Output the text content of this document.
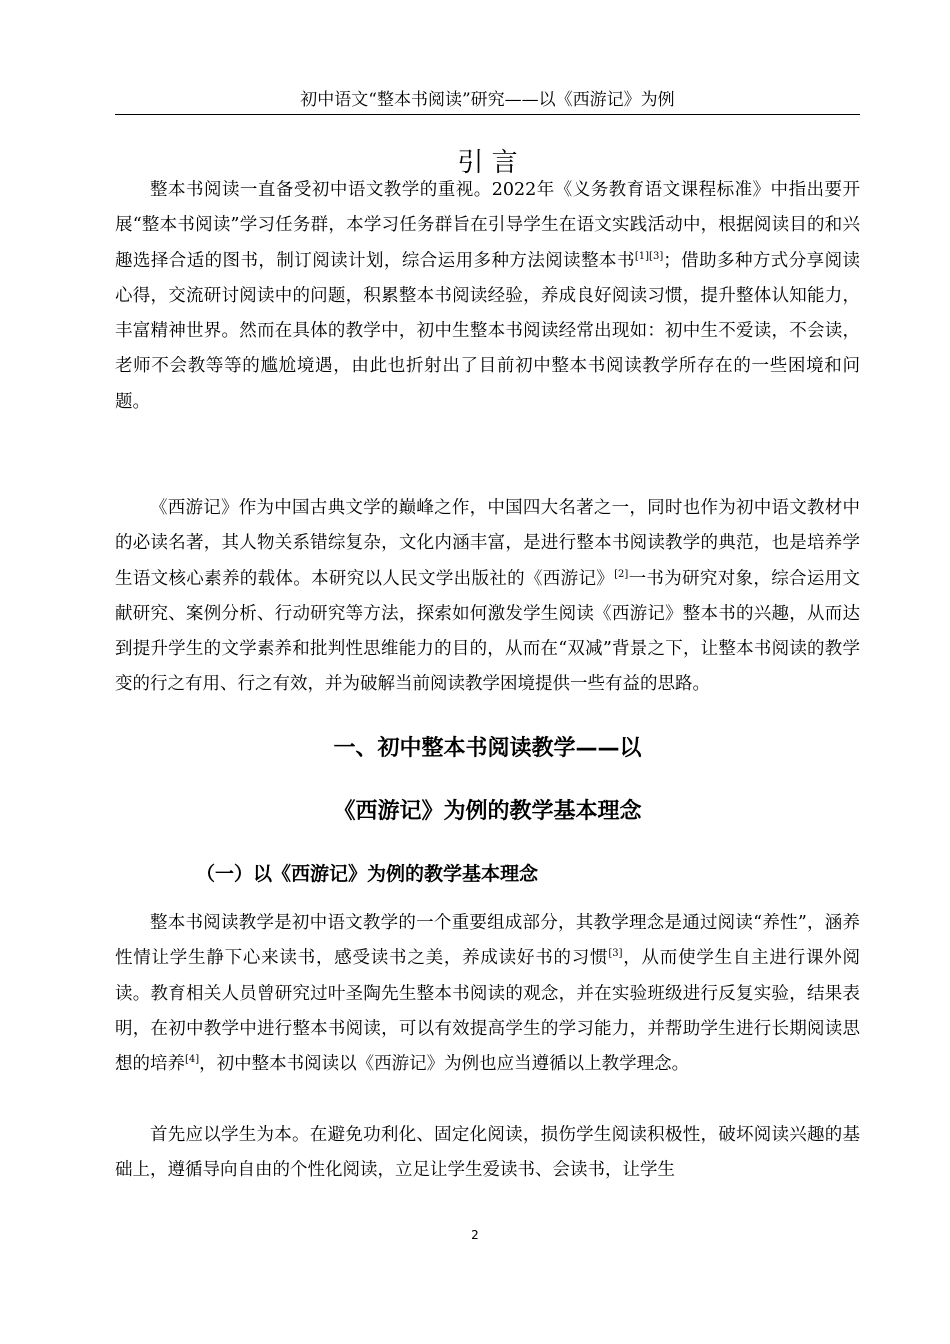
初中语文“整本书阅读”研究——以《西游记》为例
引 言

整本书阅读一直备受初中语文教学的重视。2022年《义务教育语文课程标准》中指出要开展“整本书阅读”学习任务群，本学习任务群旨在引导学生在语文实践活动中，根据阅读目的和兴趣选择合适的图书，制订阅读计划，综合运用多种方法阅读整本书[1][3]；借助多种方式分享阅读心得，交流研讨阅读中的问题，积累整本书阅读经验，养成良好阅读习惯，提升整体认知能力，丰富精神世界。然而在具体的教学中，初中生整本书阅读经常出现如：初中生不爱读，不会读，老师不会教等等的尴尬境遇，由此也折射出了目前初中整本书阅读教学所存在的一些困境和问题。

《西游记》作为中国古典文学的巅峰之作，中国四大名著之一，同时也作为初中语文教材中的必读名著，其人物关系错综复杂，文化内涵丰富，是进行整本书阅读教学的典范，也是培养学生语文核心素养的载体。本研究以人民文学出版社的《西游记》[2]一书为研究对象，综合运用文献研究、案例分析、行动研究等方法，探索如何激发学生阅读《西游记》整本书的兴趣，从而达到提升学生的文学素养和批判性思维能力的目的，从而在“双减”背景之下，让整本书阅读的教学变的行之有用、行之有效，并为破解当前阅读教学困境提供一些有益的思路。

一、初中整本书阅读教学——以
《西游记》为例的教学基本理念
（一）以《西游记》为例的教学基本理念

整本书阅读教学是初中语文教学的一个重要组成部分，其教学理念是通过阅读“养性”，涵养性情让学生静下心来读书，感受读书之美，养成读好书的习惯[3]，从而使学生自主进行课外阅读。教育相关人员曾研究过叶圣陶先生整本书阅读的观念，并在实验班级进行反复实验，结果表明，在初中教学中进行整本书阅读，可以有效提高学生的学习能力，并帮助学生进行长期阅读思想的培养[4]，初中整本书阅读以《西游记》为例也应当遵循以上教学理念。

首先应以学生为本。在避免功利化、固定化阅读，损伤学生阅读积极性，破坏阅读兴趣的基础上，遵循导向自由的个性化阅读，立足让学生爱读书、会读书，让学生

2
